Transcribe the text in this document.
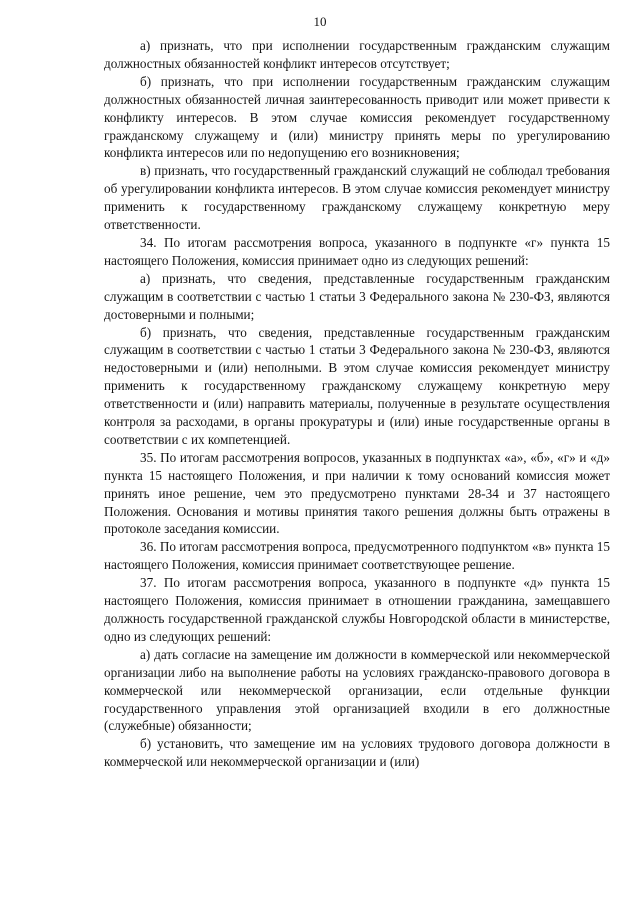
10

а) признать, что при исполнении государственным гражданским служащим должностных обязанностей конфликт интересов отсутствует;

б) признать, что при исполнении государственным гражданским служащим должностных обязанностей личная заинтересованность приводит или может привести к конфликту интересов. В этом случае комиссия рекомендует государственному гражданскому служащему и (или) министру принять меры по урегулированию конфликта интересов или по недопущению его возникновения;

в) признать, что государственный гражданский служащий не соблюдал требования об урегулировании конфликта интересов. В этом случае комиссия рекомендует министру применить к государственному гражданскому служащему конкретную меру ответственности.

34. По итогам рассмотрения вопроса, указанного в подпункте «г» пункта 15 настоящего Положения, комиссия принимает одно из следующих решений:

а) признать, что сведения, представленные государственным гражданским служащим в соответствии с частью 1 статьи 3 Федерального закона № 230-ФЗ, являются достоверными и полными;

б) признать, что сведения, представленные государственным гражданским служащим в соответствии с частью 1 статьи 3 Федерального закона № 230-ФЗ, являются недостоверными и (или) неполными. В этом случае комиссия рекомендует министру применить к государственному гражданскому служащему конкретную меру ответственности и (или) направить материалы, полученные в результате осуществления контроля за расходами, в органы прокуратуры и (или) иные государственные органы в соответствии с их компетенцией.

35. По итогам рассмотрения вопросов, указанных в подпунктах «а», «б», «г» и «д» пункта 15 настоящего Положения, и при наличии к тому оснований комиссия может принять иное решение, чем это предусмотрено пунктами 28-34 и 37 настоящего Положения. Основания и мотивы принятия такого решения должны быть отражены в протоколе заседания комиссии.

36. По итогам рассмотрения вопроса, предусмотренного подпунктом «в» пункта 15 настоящего Положения, комиссия принимает соответствующее решение.

37. По итогам рассмотрения вопроса, указанного в подпункте «д» пункта 15 настоящего Положения, комиссия принимает в отношении гражданина, замещавшего должность государственной гражданской службы Новгородской области в министерстве, одно из следующих решений:

а) дать согласие на замещение им должности в коммерческой или некоммерческой организации либо на выполнение работы на условиях гражданско-правового договора в коммерческой или некоммерческой организации, если отдельные функции государственного управления этой организацией входили в его должностные (служебные) обязанности;

б) установить, что замещение им на условиях трудового договора должности в коммерческой или некоммерческой организации и (или)
